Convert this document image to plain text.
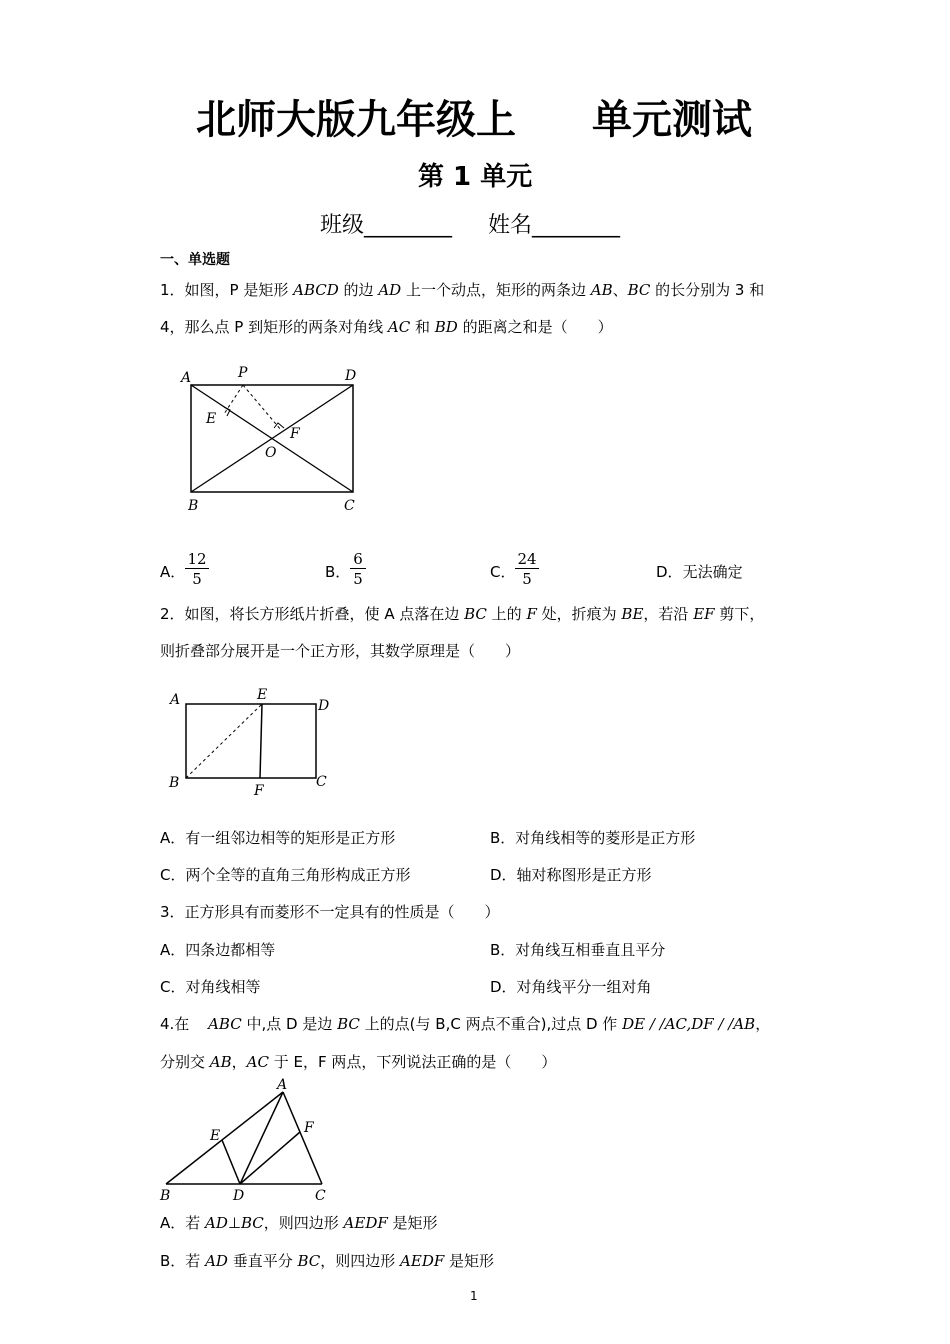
北师大版九年级上 单元测试
第 1 单元
班级________ 姓名________
一、单选题
1．如图，P 是矩形 ABCD 的边 AD 上一个动点，矩形的两条边 AB、BC 的长分别为 3 和
4，那么点 P 到矩形的两条对角线 AC 和 BD 的距离之和是（　　）
A	P	D
E
F
O
B	C
A． $\frac{12}{5}$	B． $\frac{6}{5}$	C． $\frac{24}{5}$	D．无法确定
2．如图，将长方形纸片折叠，使 A 点落在边 BC 上的 F 处，折痕为 BE，若沿 EF 剪下，
则折叠部分展开是一个正方形，其数学原理是（　　）
A	E
D
B	F
C
A．有一组邻边相等的矩形是正方形	B．对角线相等的菱形是正方形
C．两个全等的直角三角形构成正方形	D．轴对称图形是正方形
3．正方形具有而菱形不一定具有的性质是（　　）
A．四条边都相等	B．对角线互相垂直且平分
C．对角线相等	D．对角线平分一组对角
4.在 ABC 中,点 D 是边 BC 上的点(与 B,C 两点不重合),过点 D 作 DE / /AC,DF / /AB，
分别交 AB，AC 于 E，F 两点，下列说法正确的是（　　）
A
E	F
B	D	C
A．若 AD⊥BC，则四边形 AEDF 是矩形
B．若 AD 垂直平分 BC，则四边形 AEDF 是矩形
1
